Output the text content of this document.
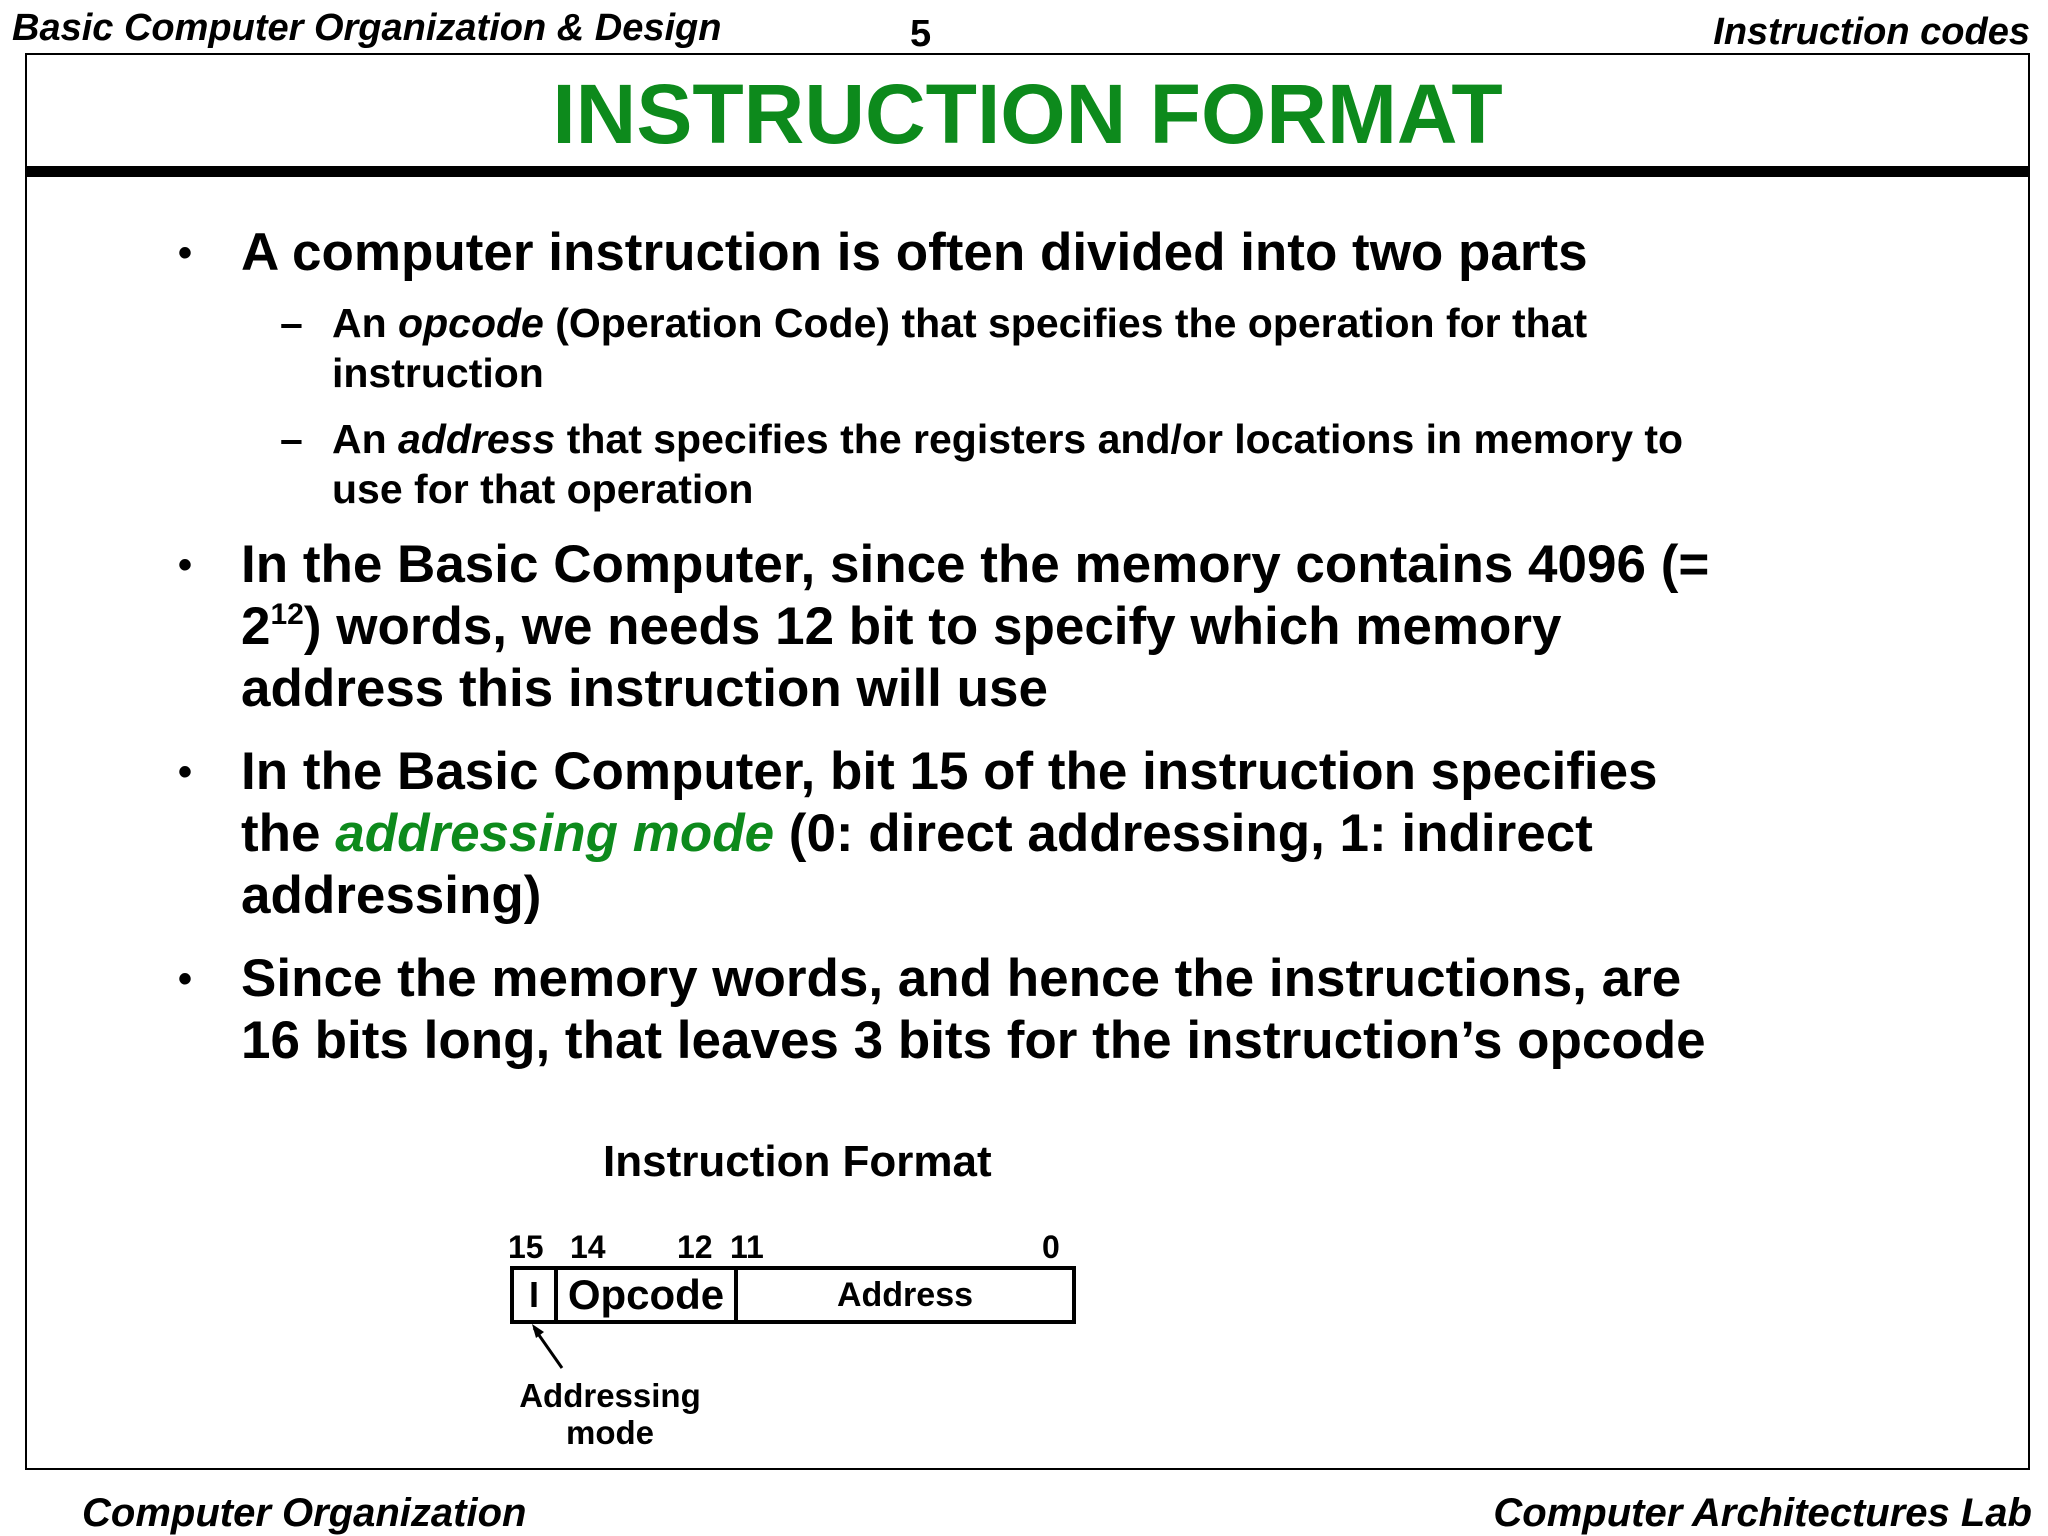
Basic Computer Organization & Design	5	Instruction codes
INSTRUCTION FORMAT
• A computer instruction is often divided into two parts
– An opcode (Operation Code) that specifies the operation for that
instruction
– An address that specifies the registers and/or locations in memory to
use for that operation
• In the Basic Computer, since the memory contains 4096 (=
$2^{12}$) words, we needs 12 bit to specify which memory
address this instruction will use
• In the Basic Computer, bit 15 of the instruction specifies
the addressing mode (0: direct addressing, 1: indirect
addressing)
• Since the memory words, and hence the instructions, are
16 bits long, that leaves 3 bits for the instruction’s opcode
Instruction Format
15 14 12 11	0
I Opcode	Address
Addressing
mode
Computer Organization	Computer Architectures Lab
